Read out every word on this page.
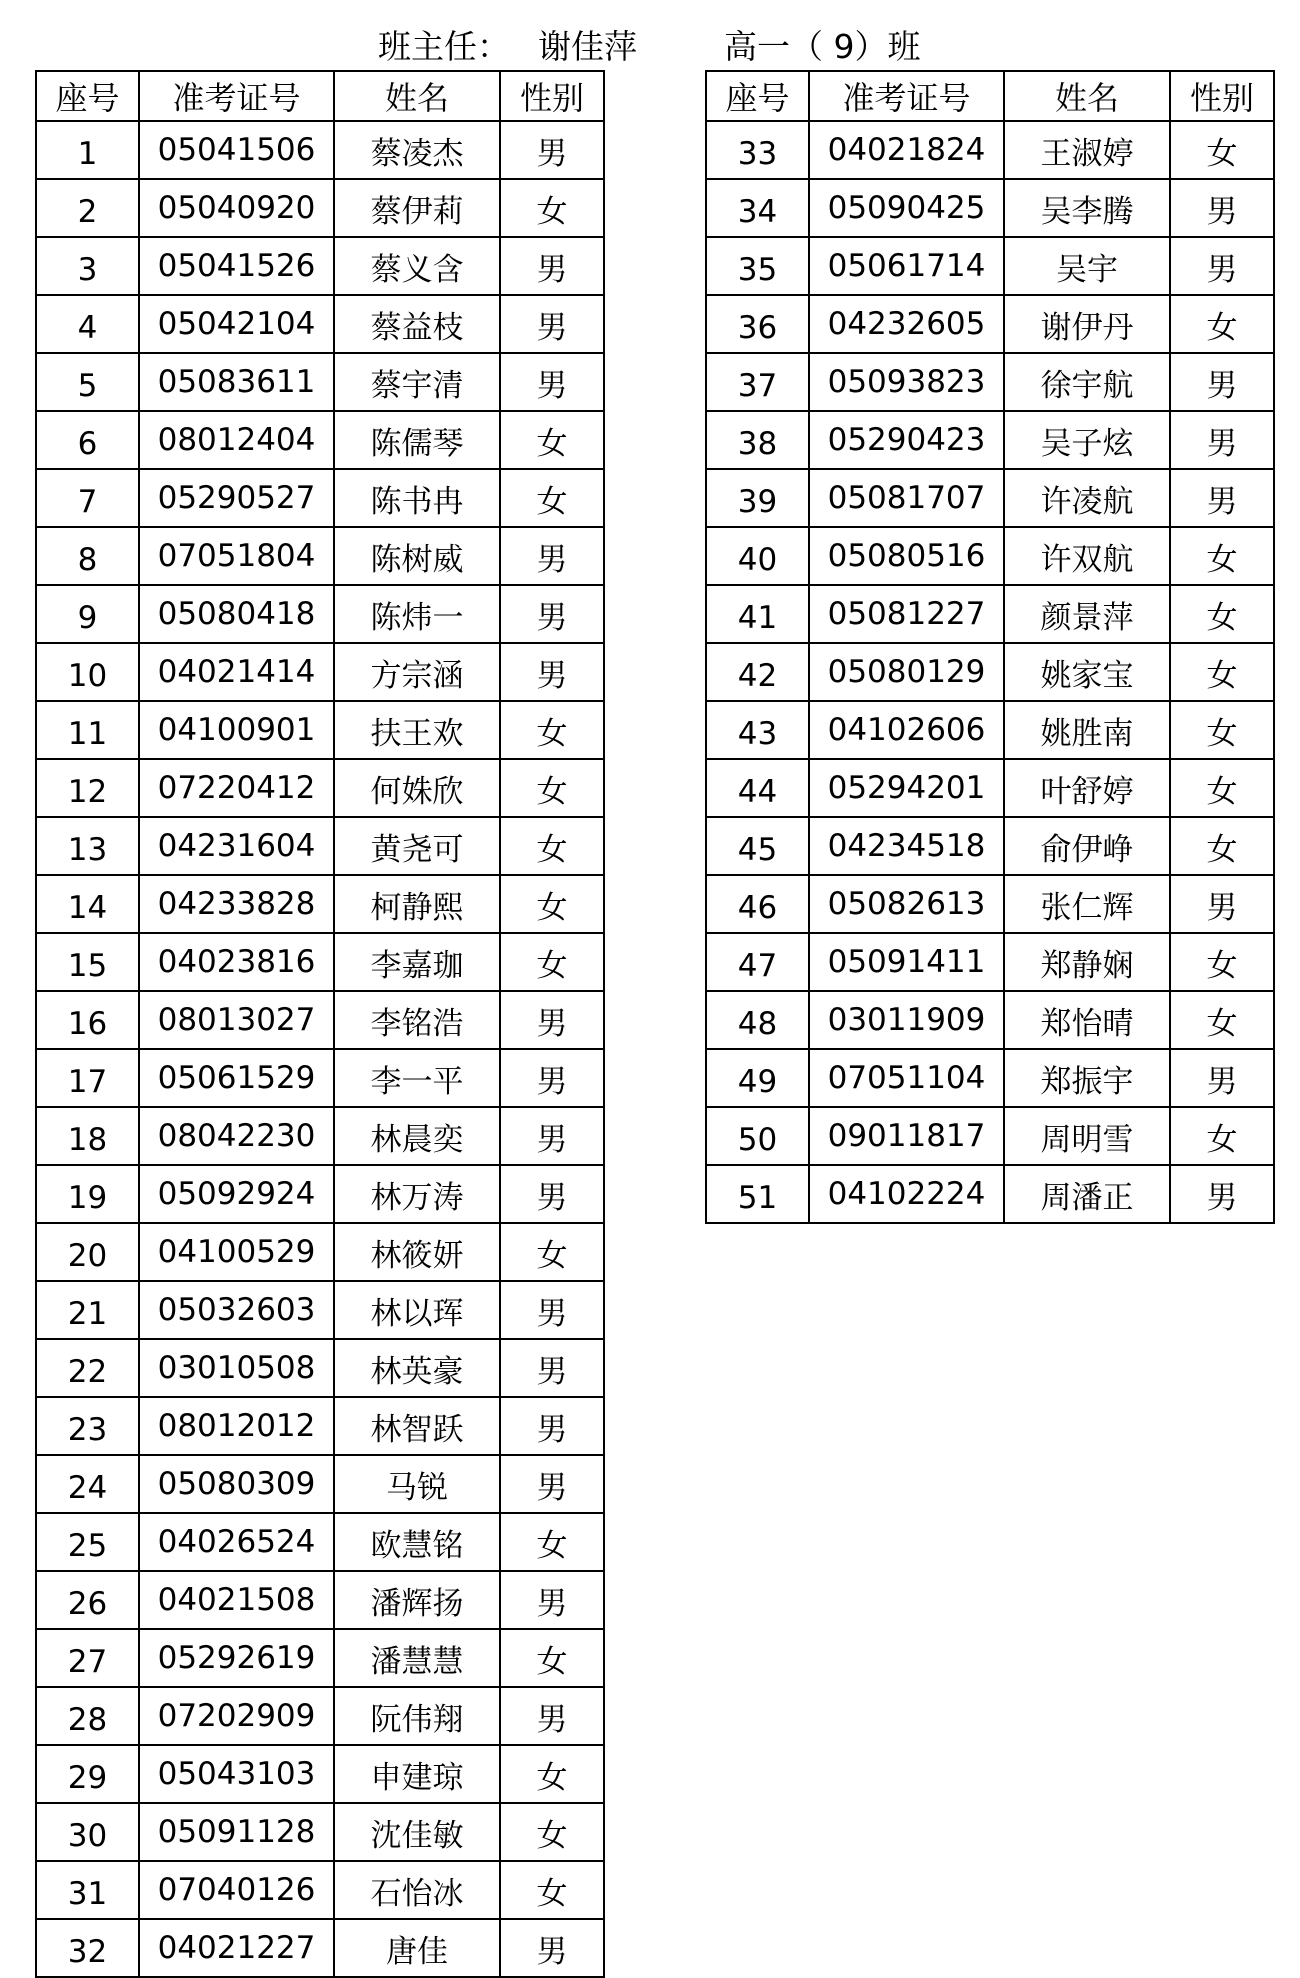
班主任： 谢佳萍	高一（ 9）班
座号	准考证号	姓名	性别
1	05041506	蔡凌杰	男
2	05040920	蔡伊莉	女
3	05041526	蔡义含	男
4	05042104	蔡益枝	男
5	05083611	蔡宇清	男
6	08012404	陈儒琴	女
7	05290527	陈书冉	女
8	07051804	陈树威	男
9	05080418	陈炜一	男
10	04021414	方宗涵	男
11	04100901	扶王欢	女
12	07220412	何姝欣	女
13	04231604	黄尧可	女
14	04233828	柯静熙	女
15	04023816	李嘉珈	女
16	08013027	李铭浩	男
17	05061529	李一平	男
18	08042230	林晨奕	男
19	05092924	林万涛	男
20	04100529	林筱妍	女
21	05032603	林以珲	男
22	03010508	林英豪	男
23	08012012	林智跃	男
24	05080309	马锐	男
25	04026524	欧慧铭	女
26	04021508	潘辉扬	男
27	05292619	潘慧慧	女
28	07202909	阮伟翔	男
29	05043103	申建琼	女
30	05091128	沈佳敏	女
31	07040126	石怡冰	女
32	04021227	唐佳	男
座号	准考证号	姓名	性别
33	04021824	王淑婷	女
34	05090425	吴李腾	男
35	05061714	吴宇	男
36	04232605	谢伊丹	女
37	05093823	徐宇航	男
38	05290423	吴子炫	男
39	05081707	许凌航	男
40	05080516	许双航	女
41	05081227	颜景萍	女
42	05080129	姚家宝	女
43	04102606	姚胜南	女
44	05294201	叶舒婷	女
45	04234518	俞伊峥	女
46	05082613	张仁辉	男
47	05091411	郑静娴	女
48	03011909	郑怡晴	女
49	07051104	郑振宇	男
50	09011817	周明雪	女
51	04102224	周潘正	男
